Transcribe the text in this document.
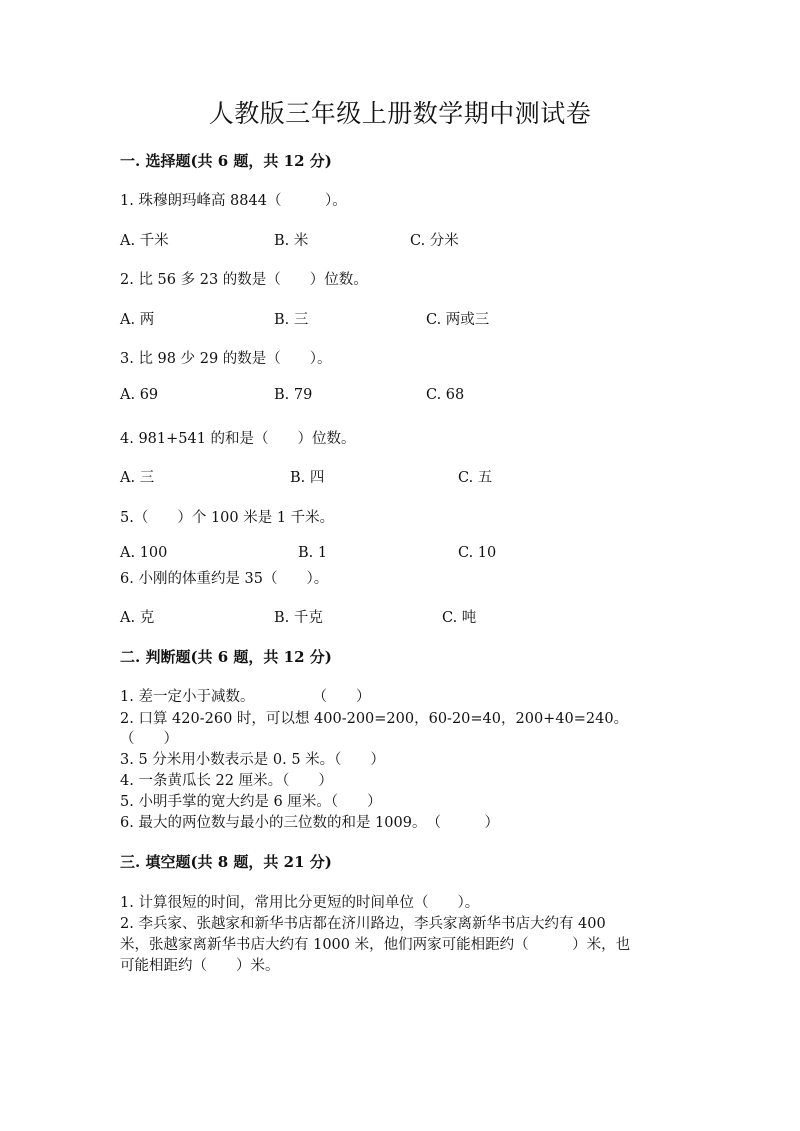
人教版三年级上册数学期中测试卷
一. 选择题(共 6 题，共 12 分)
1. 珠穆朗玛峰高 8844（　　　）。
A. 千米	B. 米	C. 分米
2. 比 56 多 23 的数是（　　）位数。
A. 两	B. 三	C. 两或三
3. 比 98 少 29 的数是（　　）。
A. 69	B. 79	C. 68
4. 981+541 的和是（　　）位数。
A. 三	B. 四	C. 五
5.（　　）个 100 米是 1 千米。
A. 100	B. 1	C. 10
6. 小刚的体重约是 35（　　）。
A. 克	B. 千克	C. 吨
二. 判断题(共 6 题，共 12 分)
1. 差一定小于减数。　　　　　（　　）
2. 口算 420-260 时，可以想 400-200=200，60-20=40，200+40=240。
（　　）
3. 5 分米用小数表示是 0. 5 米。（　　）
4. 一条黄瓜长 22 厘米。（　　）
5. 小明手掌的宽大约是 6 厘米。（　　）
6. 最大的两位数与最小的三位数的和是 1009。　（　　　）
三. 填空题(共 8 题，共 21 分)
1. 计算很短的时间，常用比分更短的时间单位（　　）。
2. 李兵家、张越家和新华书店都在济川路边，李兵家离新华书店大约有 400
米，张越家离新华书店大约有 1000 米，他们两家可能相距约（　　　）米，也
可能相距约（　　）米。
